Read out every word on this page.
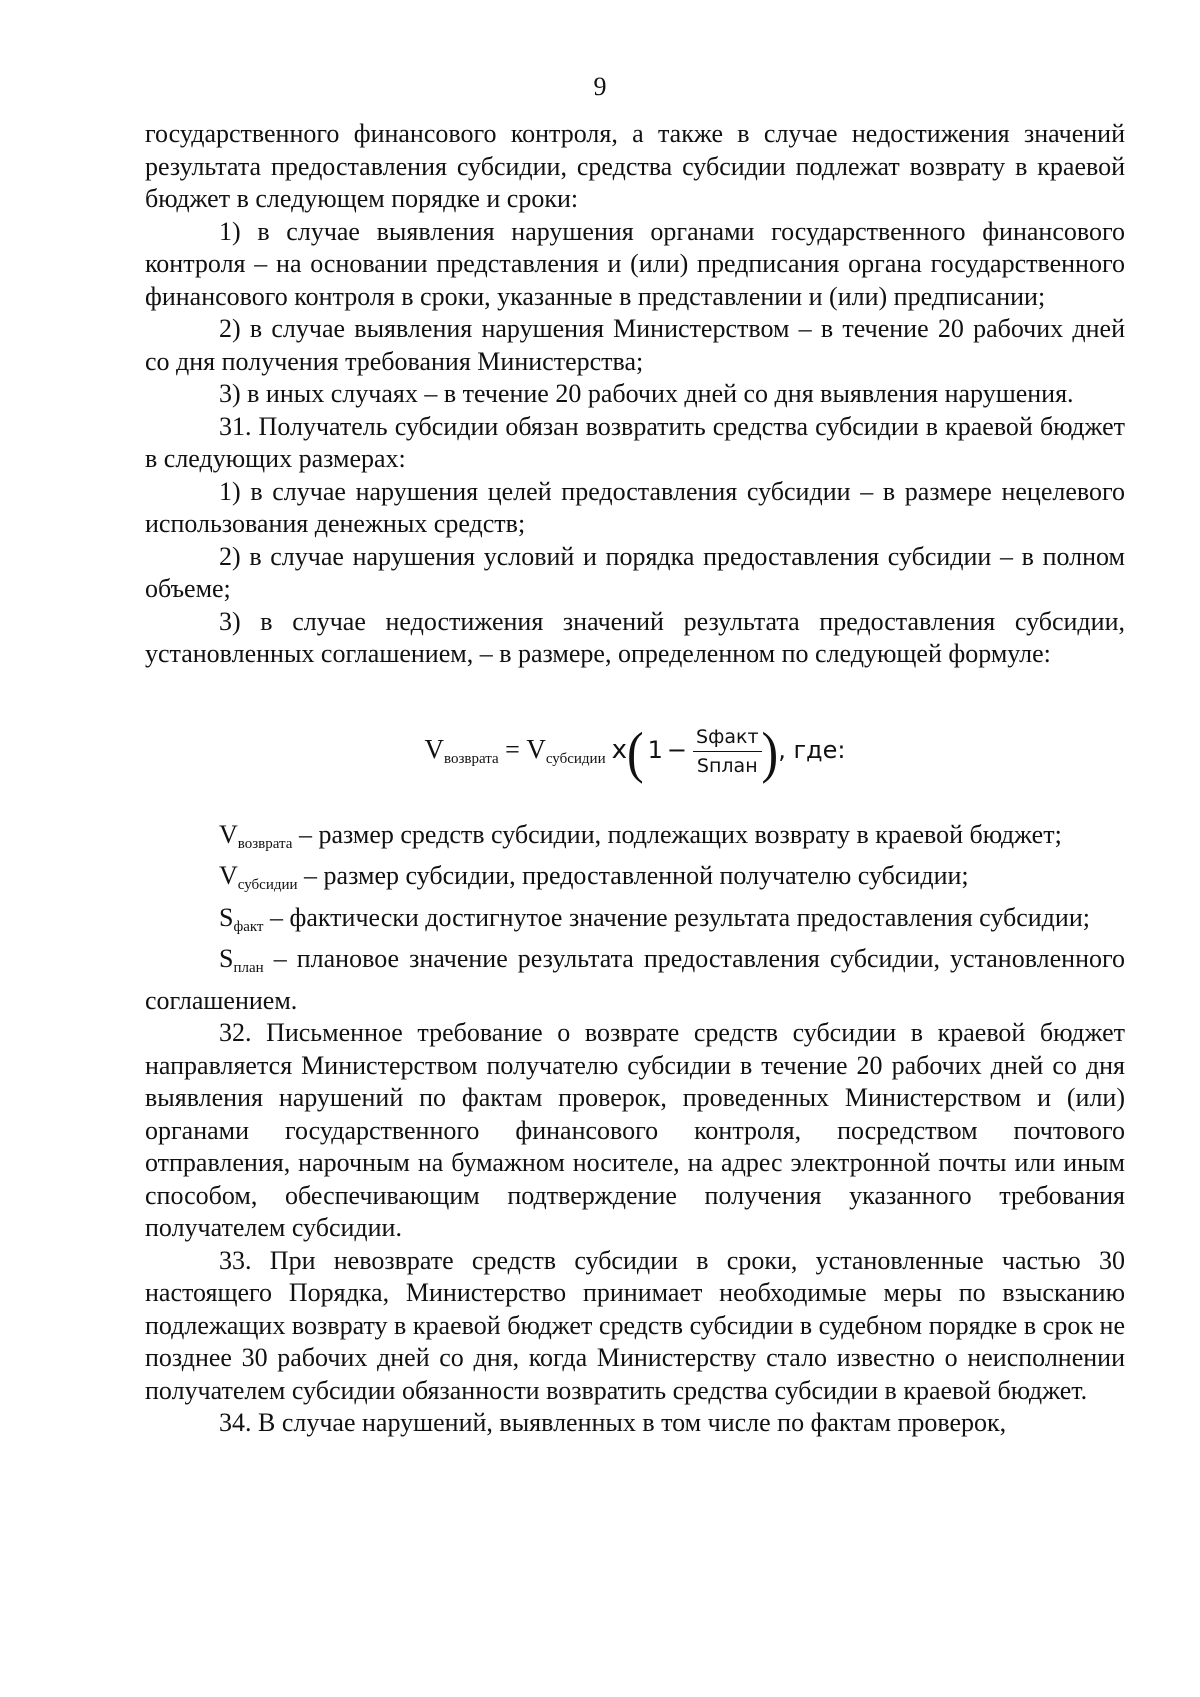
9

государственного финансового контроля, а также в случае недостижения значений результата предоставления субсидии, средства субсидии подлежат возврату в краевой бюджет в следующем порядке и сроки:

1) в случае выявления нарушения органами государственного финансового контроля – на основании представления и (или) предписания органа государственного финансового контроля в сроки, указанные в представлении и (или) предписании;

2) в случае выявления нарушения Министерством – в течение 20 рабочих дней со дня получения требования Министерства;

3) в иных случаях – в течение 20 рабочих дней со дня выявления нарушения.

31. Получатель субсидии обязан возвратить средства субсидии в краевой бюджет в следующих размерах:

1) в случае нарушения целей предоставления субсидии – в размере нецелевого использования денежных средств;

2) в случае нарушения условий и порядка предоставления субсидии – в полном объеме;

3) в случае недостижения значений результата предоставления субсидии, установленных соглашением, – в размере, определенном по следующей формуле:

$V_{возврата} = V_{субсидии}$ x( $1 - \frac{\text{Sфакт}}{\text{Sплан}}$ ), где:

$V_{возврата}$ – размер средств субсидии, подлежащих возврату в краевой бюджет;

$V_{субсидии}$ – размер субсидии, предоставленной получателю субсидии;

$S_{факт}$ – фактически достигнутое значение результата предоставления субсидии;

$S_{план}$ – плановое значение результата предоставления субсидии, установленного соглашением.

32. Письменное требование о возврате средств субсидии в краевой бюджет направляется Министерством получателю субсидии в течение 20 рабочих дней со дня выявления нарушений по фактам проверок, проведенных Министерством и (или) органами государственного финансового контроля, посредством почтового отправления, нарочным на бумажном носителе, на адрес электронной почты или иным способом, обеспечивающим подтверждение получения указанного требования получателем субсидии.

33. При невозврате средств субсидии в сроки, установленные частью 30 настоящего Порядка, Министерство принимает необходимые меры по взысканию подлежащих возврату в краевой бюджет средств субсидии в судебном порядке в срок не позднее 30 рабочих дней со дня, когда Министерству стало известно о неисполнении получателем субсидии обязанности возвратить средства субсидии в краевой бюджет.

34. В случае нарушений, выявленных в том числе по фактам проверок,
